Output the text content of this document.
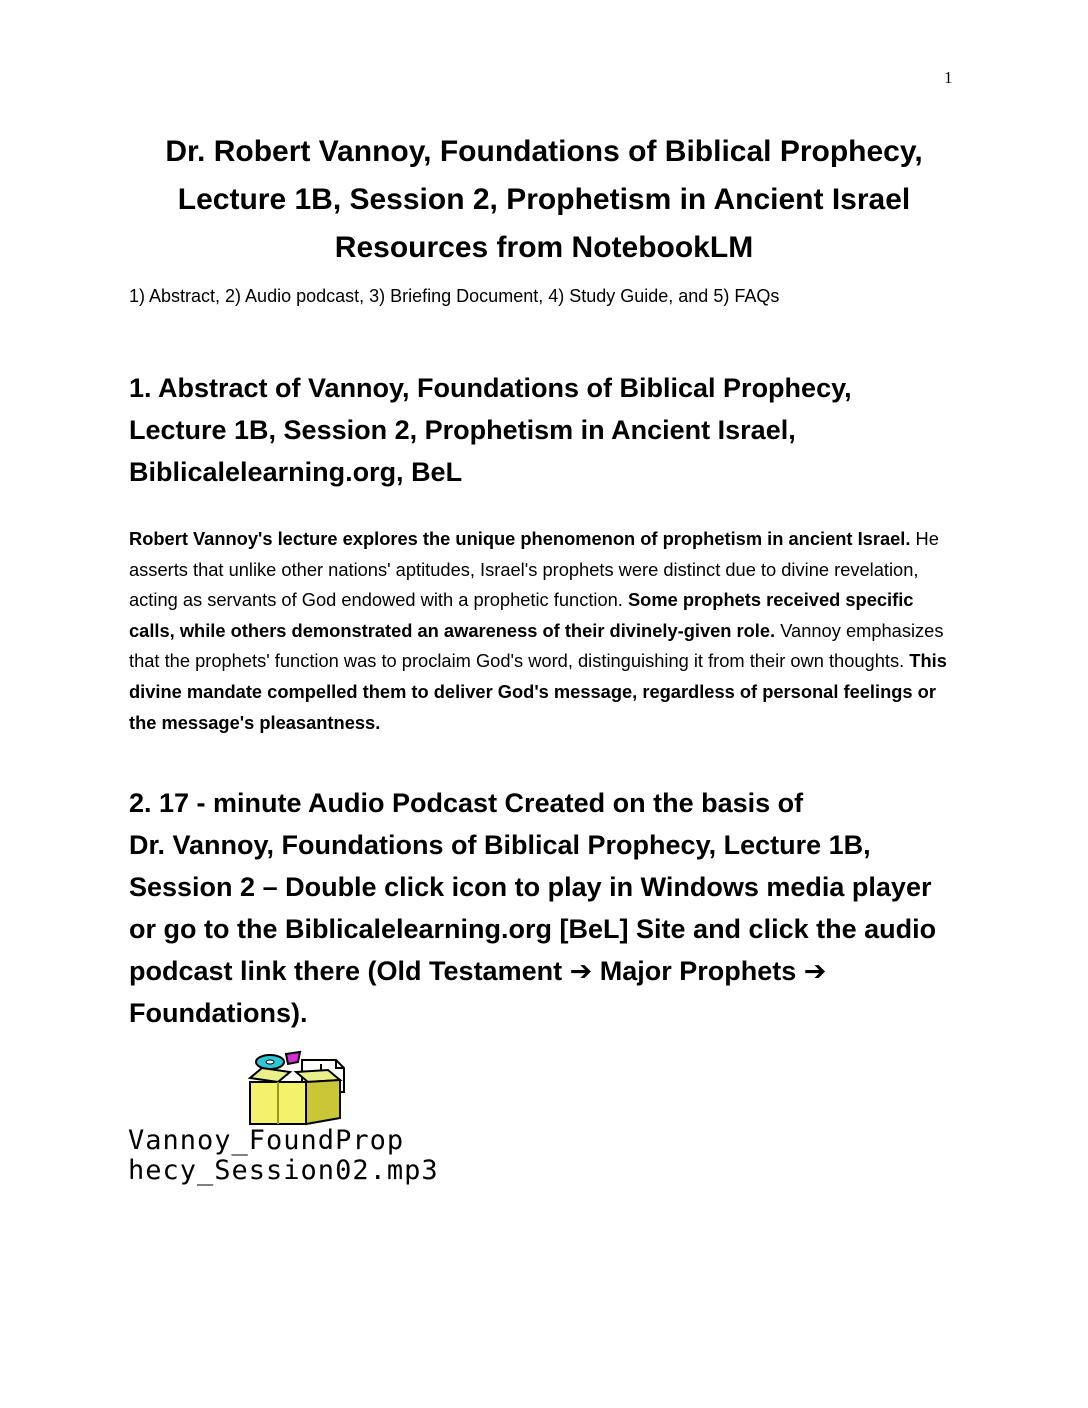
1
Dr. Robert Vannoy, Foundations of Biblical Prophecy,
Lecture 1B, Session 2, Prophetism in Ancient Israel
Resources from NotebookLM
1) Abstract, 2) Audio podcast, 3) Briefing Document, 4) Study Guide, and 5) FAQs
1. Abstract of Vannoy, Foundations of Biblical Prophecy,
Lecture 1B, Session 2, Prophetism in Ancient Israel,
Biblicalelearning.org, BeL
Robert Vannoy's lecture explores the unique phenomenon of prophetism in ancient Israel. He asserts that unlike other nations' aptitudes, Israel's prophets were distinct due to divine revelation, acting as servants of God endowed with a prophetic function. Some prophets received specific calls, while others demonstrated an awareness of their divinely-given role. Vannoy emphasizes that the prophets' function was to proclaim God's word, distinguishing it from their own thoughts. This divine mandate compelled them to deliver God's message, regardless of personal feelings or the message's pleasantness.
2. 17 - minute Audio Podcast Created on the basis of
Dr. Vannoy, Foundations of Biblical Prophecy, Lecture 1B,
Session 2 – Double click icon to play in Windows media player
or go to the Biblicalelearning.org [BeL] Site and click the audio
podcast link there (Old Testament ➔ Major Prophets ➔
Foundations).
Vannoy_FoundProp
hecy_Session02.mp3
